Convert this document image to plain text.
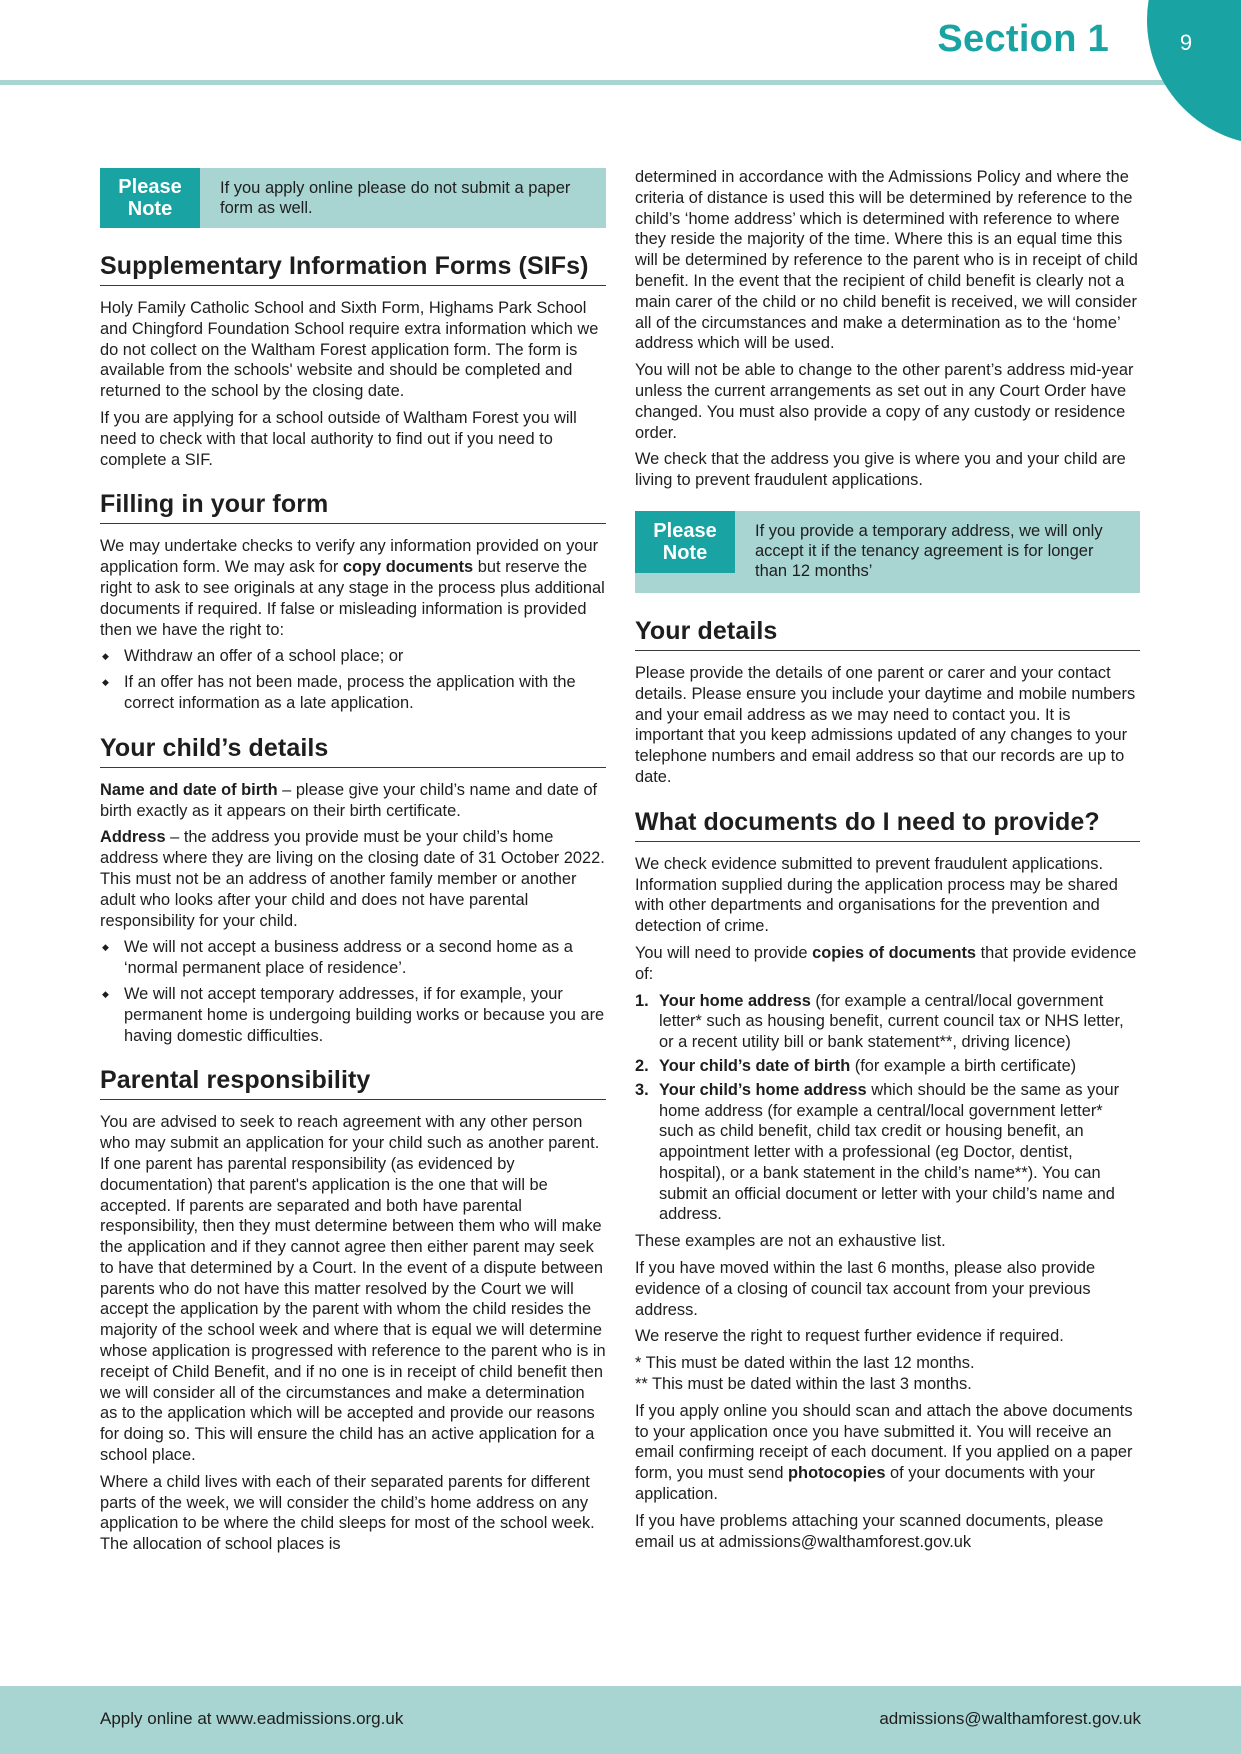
Section 1	9
Please
Note
If you apply online please do not submit a paper form as well.
Supplementary Information Forms (SIFs)

Holy Family Catholic School and Sixth Form, Highams Park School and Chingford Foundation School require extra information which we do not collect on the Waltham Forest application form. The form is available from the schools' website and should be completed and returned to the school by the closing date.

If you are applying for a school outside of Waltham Forest you will need to check with that local authority to find out if you need to complete a SIF.

Filling in your form

We may undertake checks to verify any information provided on your application form. We may ask for copy documents but reserve the right to ask to see originals at any stage in the process plus additional documents if required. If false or misleading information is provided then we have the right to:

◆ Withdraw an offer of a school place; or
◆ If an offer has not been made, process the application with the correct information as a late application.
Your child’s details

Name and date of birth – please give your child’s name and date of birth exactly as it appears on their birth certificate.

Address – the address you provide must be your child’s home address where they are living on the closing date of 31 October 2022. This must not be an address of another family member or another adult who looks after your child and does not have parental responsibility for your child.

◆ We will not accept a business address or a second home as a ‘normal permanent place of residence’.
◆ We will not accept temporary addresses, if for example, your permanent home is undergoing building works or because you are having domestic difficulties.
Parental responsibility

You are advised to seek to reach agreement with any other person who may submit an application for your child such as another parent. If one parent has parental responsibility (as evidenced by documentation) that parent's application is the one that will be accepted. If parents are separated and both have parental responsibility, then they must determine between them who will make the application and if they cannot agree then either parent may seek to have that determined by a Court. In the event of a dispute between parents who do not have this matter resolved by the Court we will accept the application by the parent with whom the child resides the majority of the school week and where that is equal we will determine whose application is progressed with reference to the parent who is in receipt of Child Benefit, and if no one is in receipt of child benefit then we will consider all of the circumstances and make a determination as to the application which will be accepted and provide our reasons for doing so. This will ensure the child has an active application for a school place.

Where a child lives with each of their separated parents for different parts of the week, we will consider the child’s home address on any application to be where the child sleeps for most of the school week. The allocation of school places is

determined in accordance with the Admissions Policy and where the criteria of distance is used this will be determined by reference to the child’s ‘home address’ which is determined with reference to where they reside the majority of the time. Where this is an equal time this will be determined by reference to the parent who is in receipt of child benefit. In the event that the recipient of child benefit is clearly not a main carer of the child or no child benefit is received, we will consider all of the circumstances and make a determination as to the ‘home’ address which will be used.

You will not be able to change to the other parent’s address mid-year unless the current arrangements as set out in any Court Order have changed. You must also provide a copy of any custody or residence order.

We check that the address you give is where you and your child are living to prevent fraudulent applications.

Please
Note
If you provide a temporary address, we will only accept it if the tenancy agreement is for longer than 12 months’
Your details

Please provide the details of one parent or carer and your contact details. Please ensure you include your daytime and mobile numbers and your email address as we may need to contact you. It is important that you keep admissions updated of any changes to your telephone numbers and email address so that our records are up to date.

What documents do I need to provide?

We check evidence submitted to prevent fraudulent applications. Information supplied during the application process may be shared with other departments and organisations for the prevention and detection of crime.

You will need to provide copies of documents that provide evidence of:

1. Your home address (for example a central/local government letter* such as housing benefit, current council tax or NHS letter, or a recent utility bill or bank statement**, driving licence)
2. Your child’s date of birth (for example a birth certificate)
3. Your child’s home address which should be the same as your home address (for example a central/local government letter* such as child benefit, child tax credit or housing benefit, an appointment letter with a professional (eg Doctor, dentist, hospital), or a bank statement in the child’s name**). You can submit an official document or letter with your child’s name and address.

These examples are not an exhaustive list.

If you have moved within the last 6 months, please also provide evidence of a closing of council tax account from your previous address.

We reserve the right to request further evidence if required.

* This must be dated within the last 12 months.
** This must be dated within the last 3 months.

If you apply online you should scan and attach the above documents to your application once you have submitted it. You will receive an email confirming receipt of each document. If you applied on a paper form, you must send photocopies of your documents with your application.

If you have problems attaching your scanned documents, please email us at admissions@walthamforest.gov.uk

Apply online at www.eadmissions.org.uk	admissions@walthamforest.gov.uk
